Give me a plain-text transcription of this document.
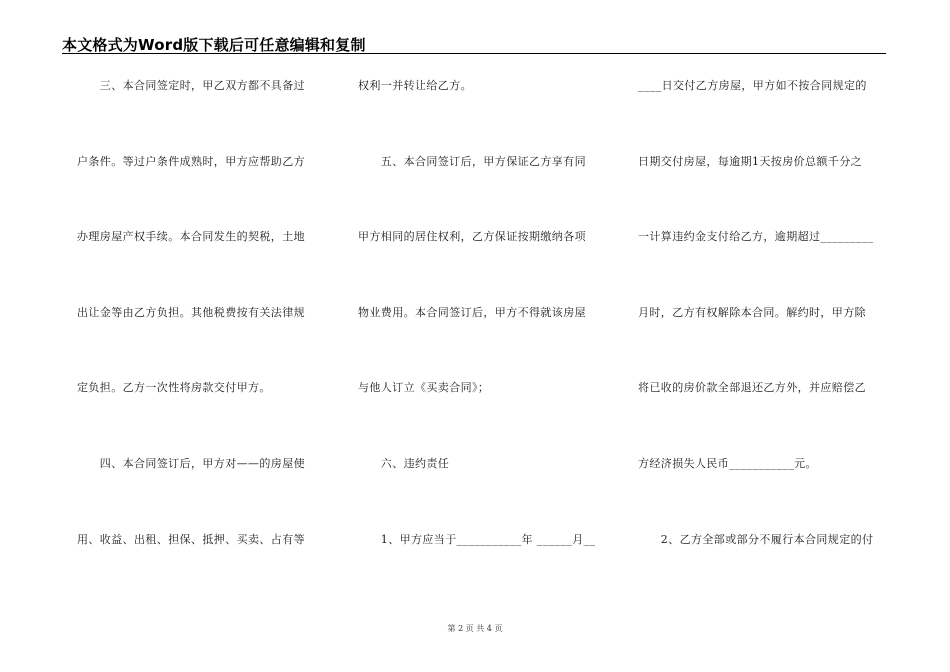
本文格式为Word版下载后可任意编辑和复制
　　三、本合同签定时，甲乙双方都不具备过
户条件。等过户条件成熟时，甲方应帮助乙方
办理房屋产权手续。本合同发生的契税，土地
出让金等由乙方负担。其他税费按有关法律规
定负担。乙方一次性将房款交付甲方。
　　四、本合同签订后，甲方对——的房屋使
用、收益、出租、担保、抵押、买卖、占有等
权利一并转让给乙方。
　　五、本合同签订后，甲方保证乙方享有同
甲方相同的居住权利，乙方保证按期缴纳各项
物业费用。本合同签订后，甲方不得就该房屋
与他人订立《买卖合同》；
　　六、违约责任
　　1、甲方应当于___________年 ______月__
____日交付乙方房屋，甲方如不按合同规定的
日期交付房屋，每逾期1天按房价总额千分之
一计算违约金支付给乙方，逾期超过_________
月时，乙方有权解除本合同。解约时，甲方除
将已收的房价款全部退还乙方外，并应赔偿乙
方经济损失人民币___________元。
　　2、乙方全部或部分不履行本合同规定的付
第 2 页 共 4 页
